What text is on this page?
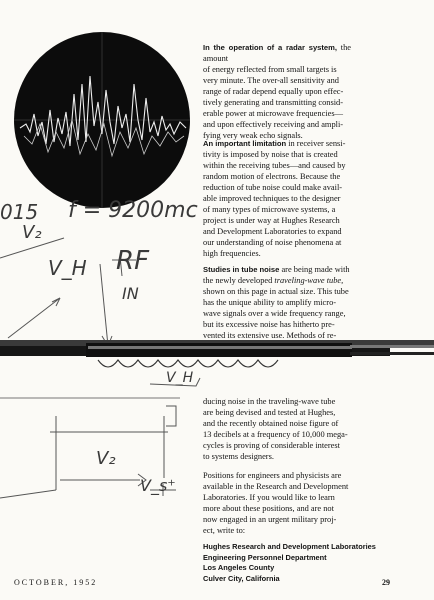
015
V₂
f = 9200mc
V_H RF
IN
V_H
V₂
V_s⁺
In the operation of a radar system, the amount
of energy reflected from small targets is
very minute. The over-all sensitivity and
range of radar depend equally upon effec-
tively generating and transmitting consid-
erable power at microwave frequencies—
and upon effectively receiving and ampli-
fying very weak echo signals.
An important limitation in receiver sensi-
tivity is imposed by noise that is created
within the receiving tubes—and caused by
random motion of electrons. Because the
reduction of tube noise could make avail-
able improved techniques to the designer
of many types of microwave systems, a
project is under way at Hughes Research
and Development Laboratories to expand
our understanding of noise phenomena at
high frequencies.
Studies in tube noise are being made with
the newly developed traveling-wave tube,
shown on this page in actual size. This tube
has the unique ability to amplify micro-
wave signals over a wide frequency range,
but its excessive noise has hitherto pre-
vented its extensive use. Methods of re-
ducing noise in the traveling-wave tube
are being devised and tested at Hughes,
and the recently obtained noise figure of
13 decibels at a frequency of 10,000 mega-
cycles is proving of considerable interest
to systems designers.
Positions for engineers and physicists are
available in the Research and Development
Laboratories. If you would like to learn
more about these positions, and are not
now engaged in an urgent military proj-
ect, write to:
Hughes Research and Development Laboratories
Engineering Personnel Department
Los Angeles County
Culver City, California
OCTOBER, 1952	29
